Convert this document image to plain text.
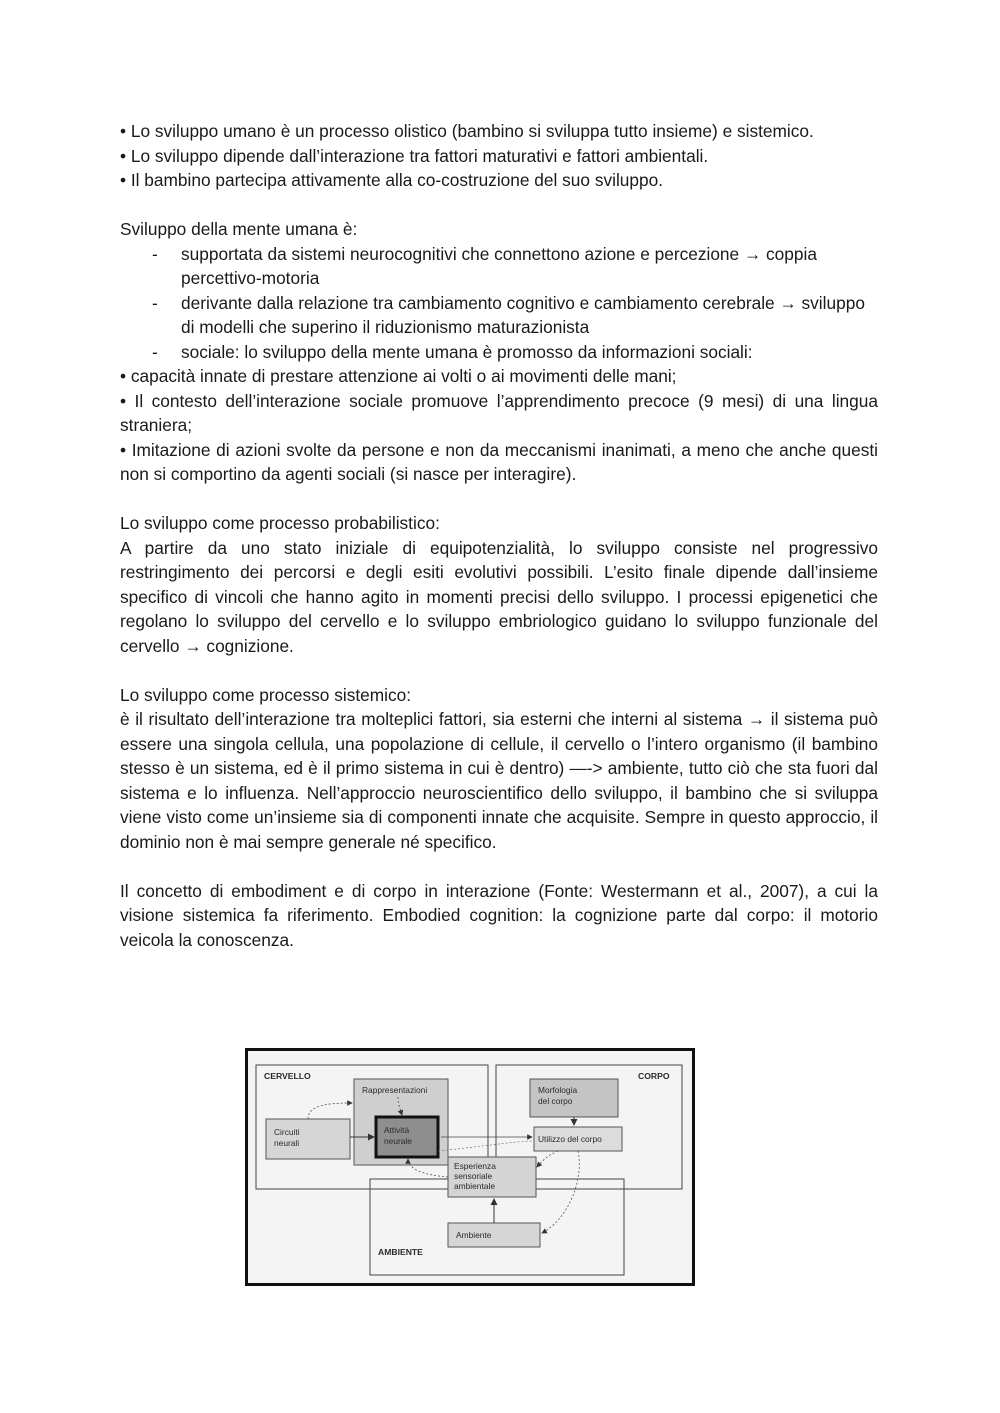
• Lo sviluppo umano è un processo olistico (bambino si sviluppa tutto insieme) e sistemico.

• Lo sviluppo dipende dall’interazione tra fattori maturativi e fattori ambientali.

• Il bambino partecipa attivamente alla co-costruzione del suo sviluppo.

Sviluppo della mente umana è:

- supportata da sistemi neurocognitivi che connettono azione e percezione → coppia percettivo-motoria
- derivante dalla relazione tra cambiamento cognitivo e cambiamento cerebrale → sviluppo di modelli che superino il riduzionismo maturazionista
- sociale: lo sviluppo della mente umana è promosso da informazioni sociali:

• capacità innate di prestare attenzione ai volti o ai movimenti delle mani;

• Il contesto dell’interazione sociale promuove l’apprendimento precoce (9 mesi) di una lingua straniera;

• Imitazione di azioni svolte da persone e non da meccanismi inanimati, a meno che anche questi non si comportino da agenti sociali (si nasce per interagire).

Lo sviluppo come processo probabilistico:

A partire da uno stato iniziale di equipotenzialità, lo sviluppo consiste nel progressivo restringimento dei percorsi e degli esiti evolutivi possibili. L’esito finale dipende dall’insieme specifico di vincoli che hanno agito in momenti precisi dello sviluppo. I processi epigenetici che regolano lo sviluppo del cervello e lo sviluppo embriologico guidano lo sviluppo funzionale del cervello → cognizione.

Lo sviluppo come processo sistemico:

è il risultato dell’interazione tra molteplici fattori, sia esterni che interni al sistema → il sistema può essere una singola cellula, una popolazione di cellule, il cervello o l’intero organismo (il bambino stesso è un sistema, ed è il primo sistema in cui è dentro) —-> ambiente, tutto ciò che sta fuori dal sistema e lo influenza. Nell’approccio neuroscientifico dello sviluppo, il bambino che si sviluppa viene visto come un’insieme sia di componenti innate che acquisite. Sempre in questo approccio, il dominio non è mai sempre generale né specifico.

Il concetto di embodiment e di corpo in interazione (Fonte: Westermann et al., 2007), a cui la visione sistemica fa riferimento. Embodied cognition: la cognizione parte dal corpo: il motorio veicola la conoscenza.

CERVELLO	CORPO
AMBIENTE
Rappresentazioni
Circuiti
neurali
Attività
neurale
Morfologia
del corpo
Utilizzo del corpo
Esperienza
sensoriale
ambientale
Ambiente
